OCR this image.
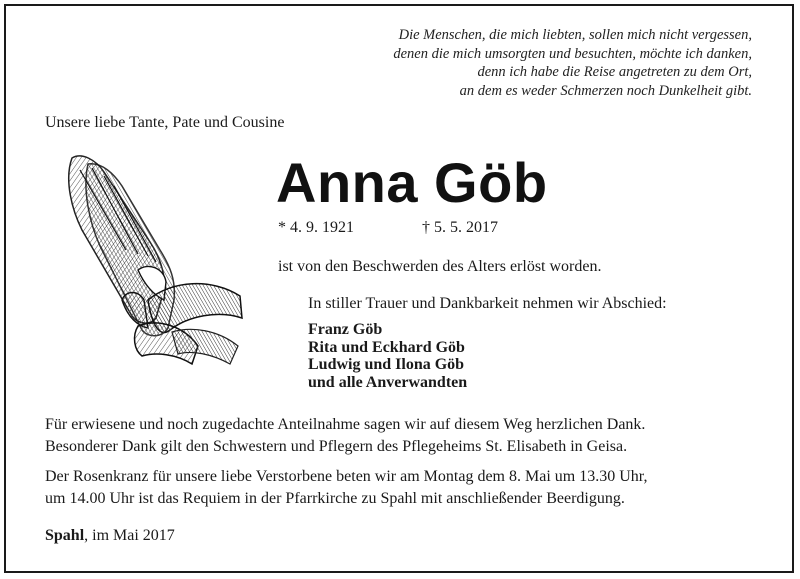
Die Menschen, die mich liebten, sollen mich nicht vergessen,
denen die mich umsorgten und besuchten, möchte ich danken,
denn ich habe die Reise angetreten zu dem Ort,
an dem es weder Schmerzen noch Dunkelheit gibt.
Unsere liebe Tante, Pate und Cousine
Anna Göb
* 4. 9. 1921	† 5. 5. 2017
ist von den Beschwerden des Alters erlöst worden.
In stiller Trauer und Dankbarkeit nehmen wir Abschied:
Franz Göb
Rita und Eckhard Göb
Ludwig und Ilona Göb
und alle Anverwandten
Für erwiesene und noch zugedachte Anteilnahme sagen wir auf diesem Weg herzlichen Dank.
Besonderer Dank gilt den Schwestern und Pflegern des Pflegeheims St. Elisabeth in Geisa.
Der Rosenkranz für unsere liebe Verstorbene beten wir am Montag dem 8. Mai um 13.30 Uhr,
um 14.00 Uhr ist das Requiem in der Pfarrkirche zu Spahl mit anschließender Beerdigung.
Spahl, im Mai 2017
